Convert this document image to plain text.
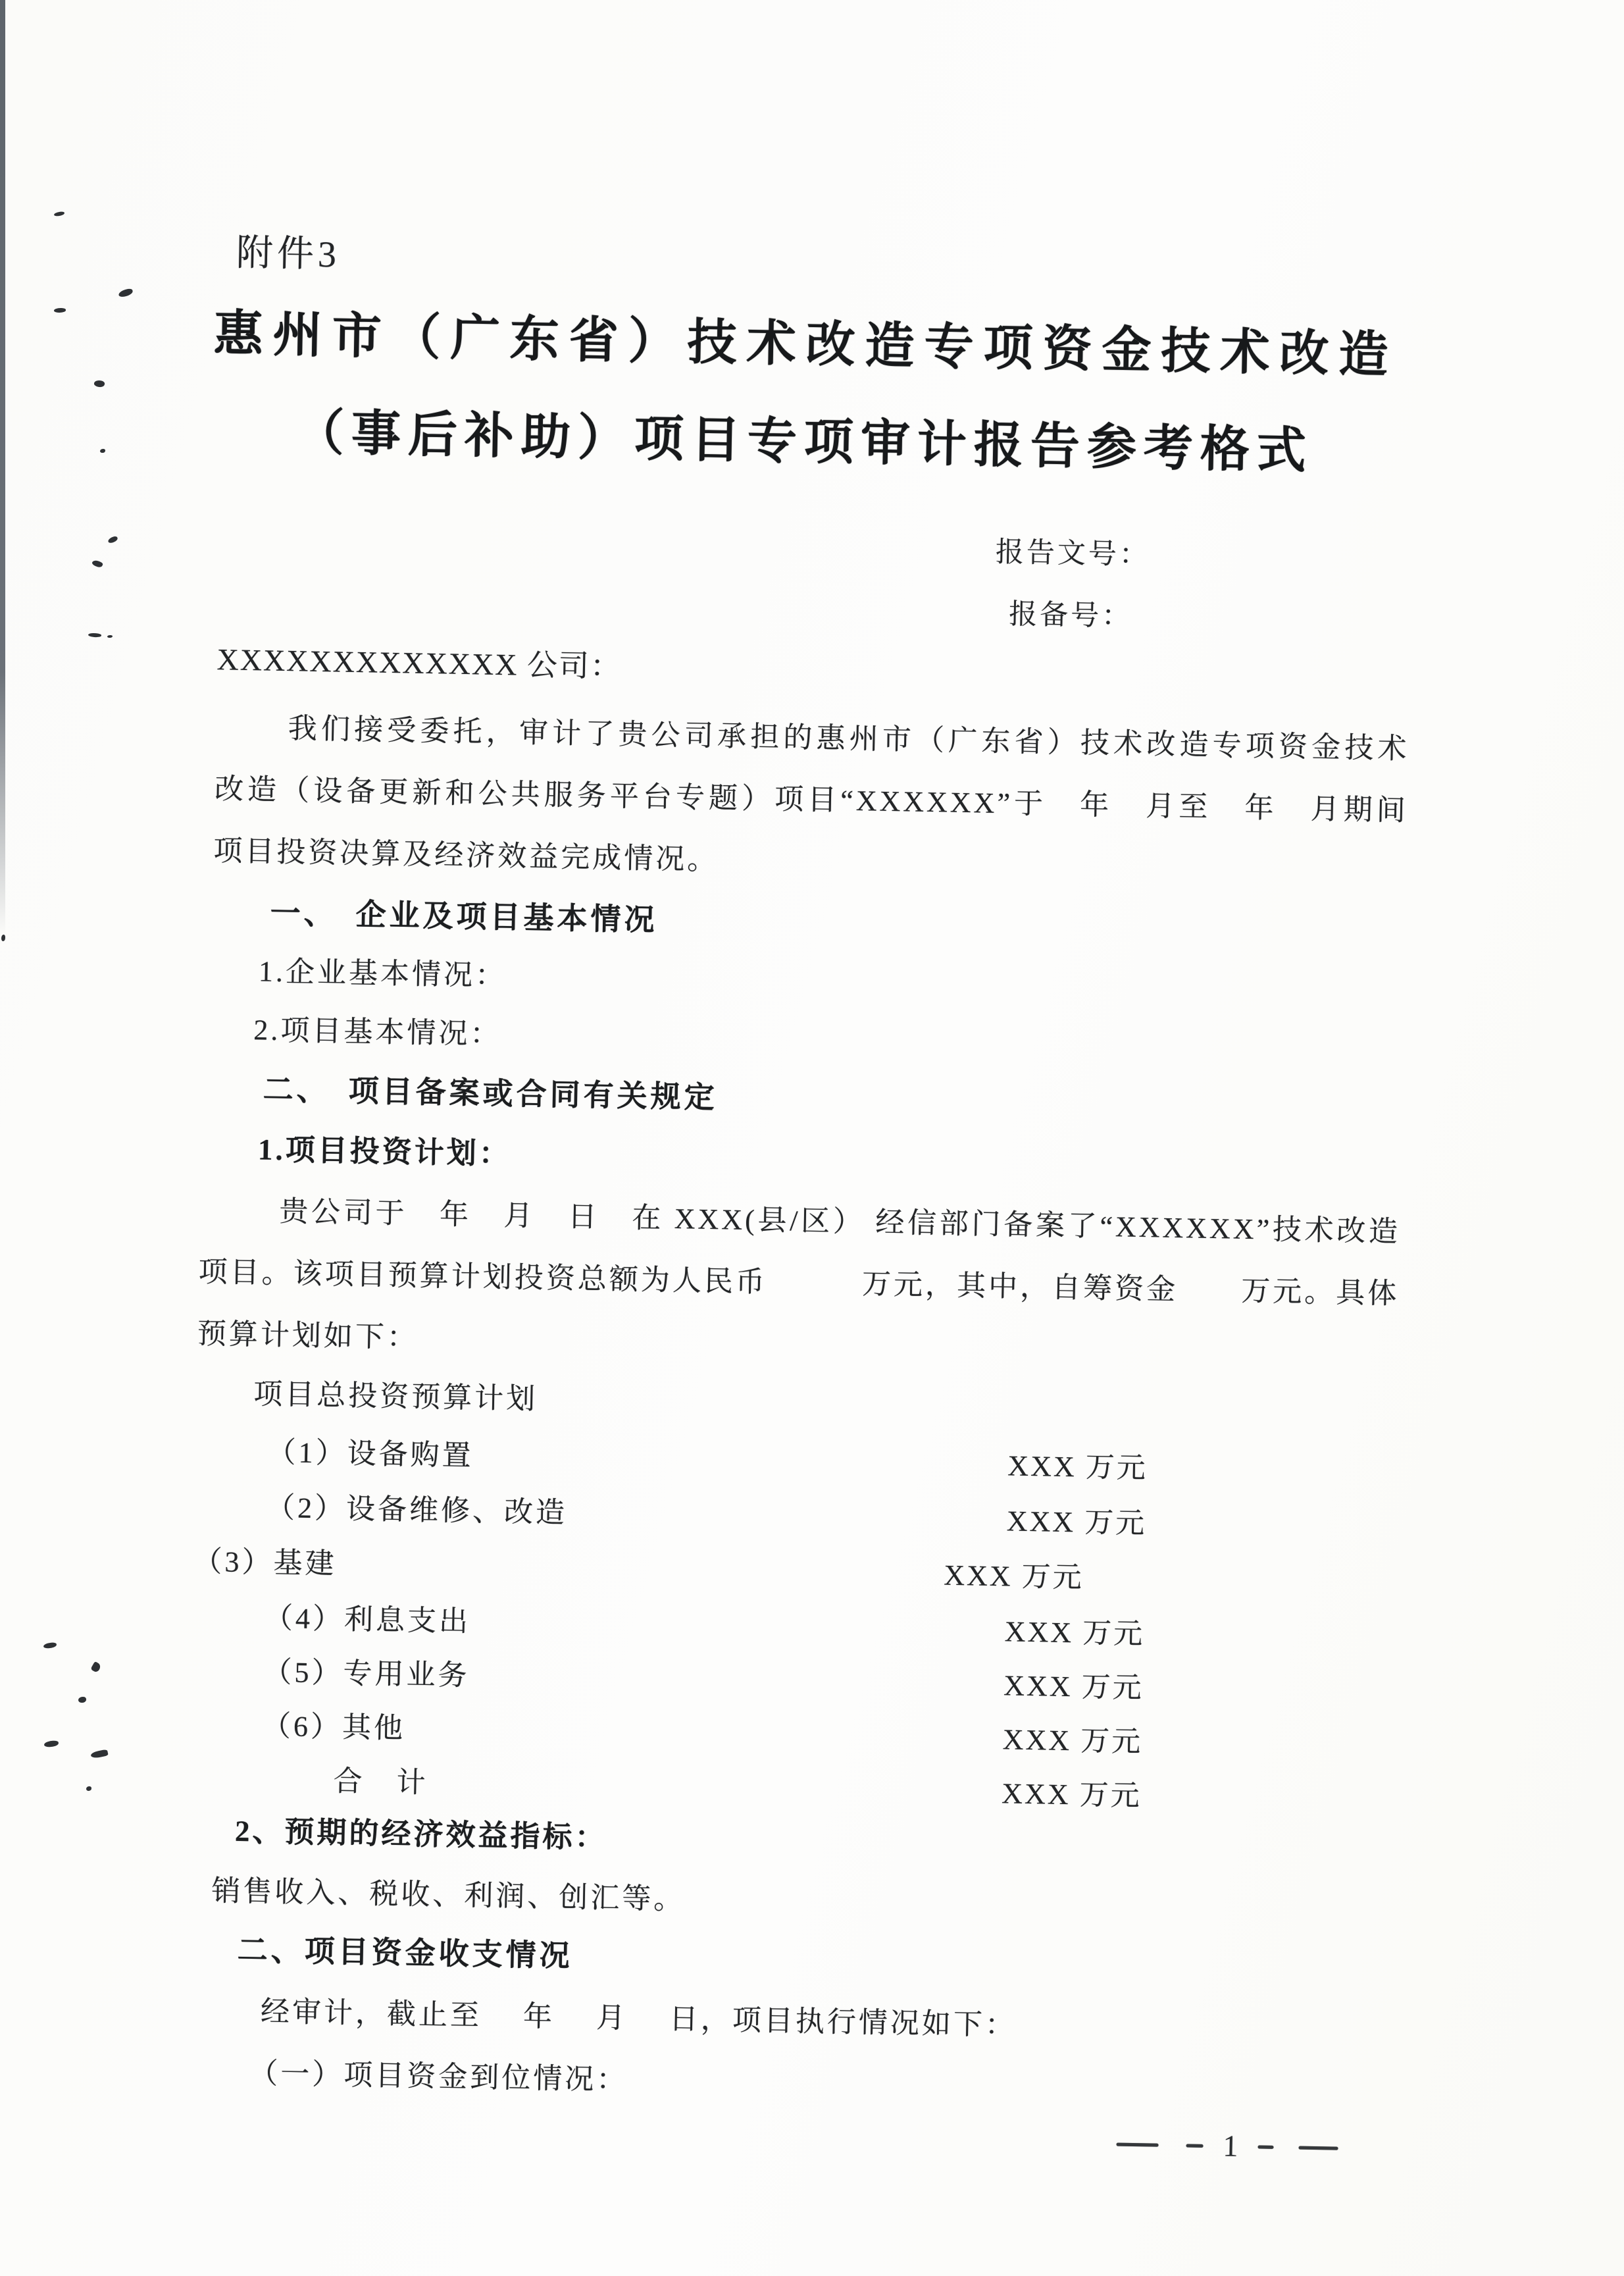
附件3
惠州市（广东省）技术改造专项资金技术改造
（事后补助）项目专项审计报告参考格式
报告文号：
报备号：
XXXXXXXXXXXXX 公司：
我们接受委托，审计了贵公司承担的惠州市（广东省）技术改造专项资金技术
改造（设备更新和公共服务平台专题）项目“XXXXXX”于　年　月至　年　月期间
项目投资决算及经济效益完成情况。
一、　企业及项目基本情况
1.企业基本情况：
2.项目基本情况：
二、　项目备案或合同有关规定
1.项目投资计划：
贵公司于　年　月　日　在 XXX(县/区） 经信部门备案了“XXXXXX”技术改造
项目。该项目预算计划投资总额为人民币　　　万元，其中，自筹资金　　万元。具体
预算计划如下：
项目总投资预算计划
（1）设备购置	XXX 万元
（2）设备维修、改造	XXX 万元
（3）基建	XXX 万元
（4）利息支出	XXX 万元
（5）专用业务	XXX 万元
（6）其他	XXX 万元
合　计	XXX 万元
2、预期的经济效益指标：
销售收入、税收、利润、创汇等。
二、项目资金收支情况
经审计，截止至　 年　 月　 日，项目执行情况如下：
（一）项目资金到位情况：
1
